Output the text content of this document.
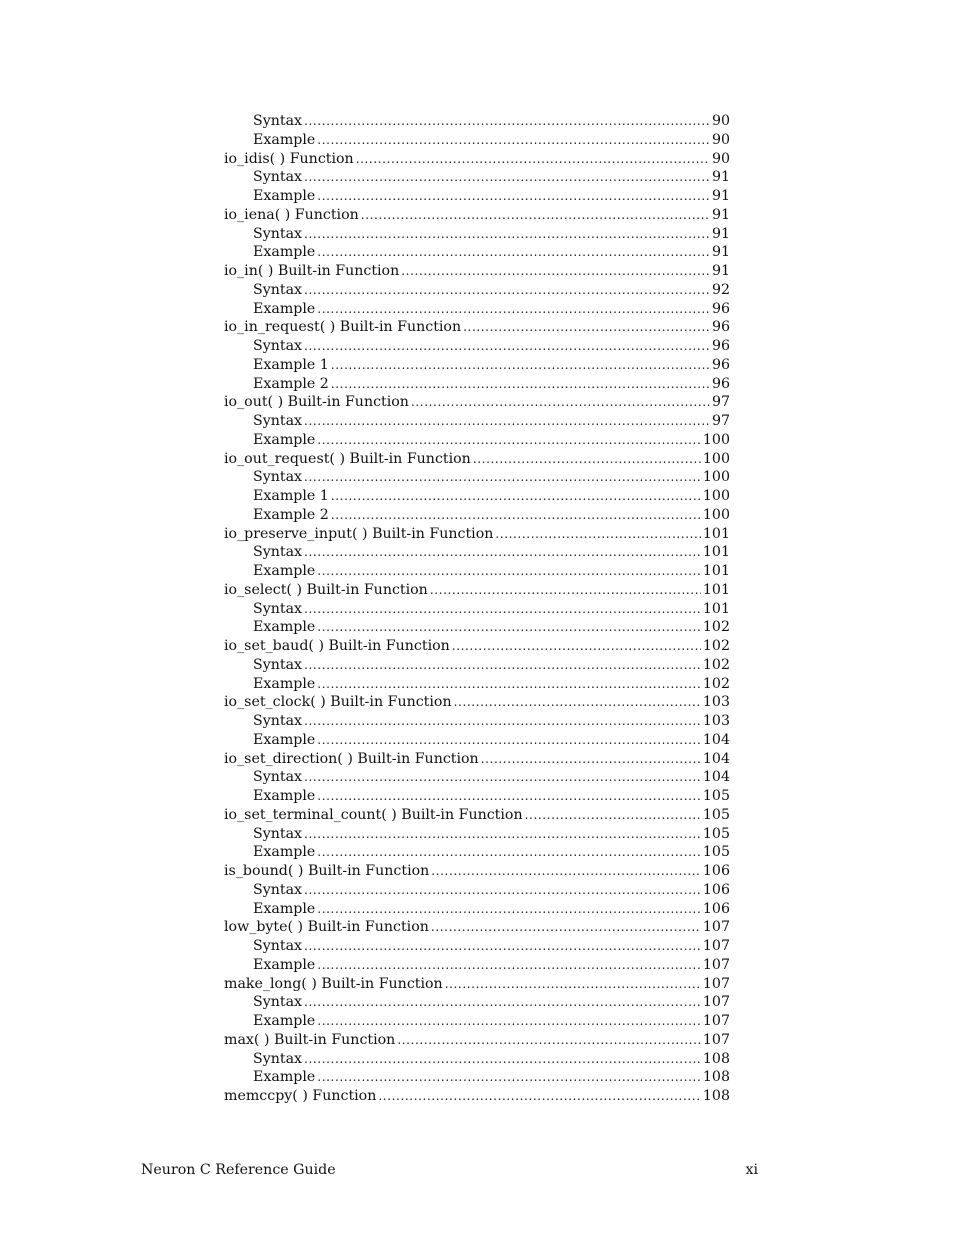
Syntax .....	90
Example .....	90
io_idis( ) Function .....	90
Syntax .....	91
Example .....	91
io_iena( ) Function .....	91
Syntax .....	91
Example .....	91
io_in( ) Built-in Function .....	91
Syntax .....	92
Example .....	96
io_in_request( ) Built-in Function .....	96
Syntax .....	96
Example 1 .....	96
Example 2 .....	96
io_out( ) Built-in Function .....	97
Syntax .....	97
Example .....	100
io_out_request( ) Built-in Function .....	100
Syntax .....	100
Example 1 .....	100
Example 2 .....	100
io_preserve_input( ) Built-in Function .....	101
Syntax .....	101
Example .....	101
io_select( ) Built-in Function .....	101
Syntax .....	101
Example .....	102
io_set_baud( ) Built-in Function .....	102
Syntax .....	102
Example .....	102
io_set_clock( ) Built-in Function .....	103
Syntax .....	103
Example .....	104
io_set_direction( ) Built-in Function .....	104
Syntax .....	104
Example .....	105
io_set_terminal_count( ) Built-in Function .....	105
Syntax .....	105
Example .....	105
is_bound( ) Built-in Function .....	106
Syntax .....	106
Example .....	106
low_byte( ) Built-in Function .....	107
Syntax .....	107
Example .....	107
make_long( ) Built-in Function .....	107
Syntax .....	107
Example .....	107
max( ) Built-in Function .....	107
Syntax .....	108
Example .....	108
memccpy( ) Function .....	108
Neuron C Reference Guide	xi
